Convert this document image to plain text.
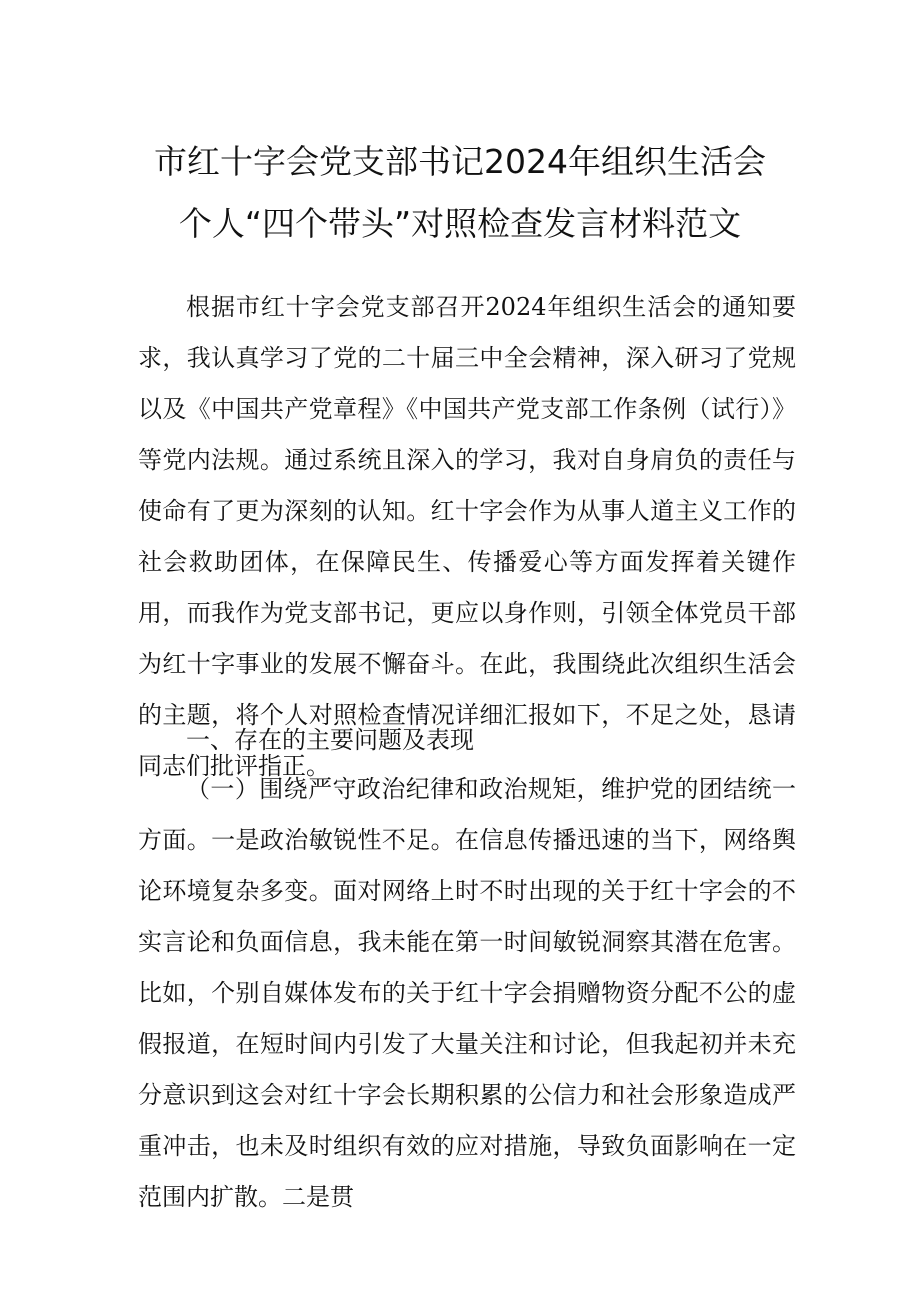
市红十字会党支部书记2024年组织生活会
个人“四个带头”对照检查发言材料范文

根据市红十字会党支部召开2024年组织生活会的通知要求，我认真学习了党的二十届三中全会精神，深入研习了党规以及《中国共产党章程》《中国共产党支部工作条例（试行）》等党内法规。通过系统且深入的学习，我对自身肩负的责任与使命有了更为深刻的认知。红十字会作为从事人道主义工作的社会救助团体，在保障民生、传播爱心等方面发挥着关键作用，而我作为党支部书记，更应以身作则，引领全体党员干部为红十字事业的发展不懈奋斗。在此，我围绕此次组织生活会的主题，将个人对照检查情况详细汇报如下，不足之处，恳请同志们批评指正。

一、存在的主要问题及表现

（一）围绕严守政治纪律和政治规矩，维护党的团结统一方面。一是政治敏锐性不足。在信息传播迅速的当下，网络舆论环境复杂多变。面对网络上时不时出现的关于红十字会的不实言论和负面信息，我未能在第一时间敏锐洞察其潜在危害。比如，个别自媒体发布的关于红十字会捐赠物资分配不公的虚假报道，在短时间内引发了大量关注和讨论，但我起初并未充分意识到这会对红十字会长期积累的公信力和社会形象造成严重冲击，也未及时组织有效的应对措施，导致负面影响在一定范围内扩散。二是贯
